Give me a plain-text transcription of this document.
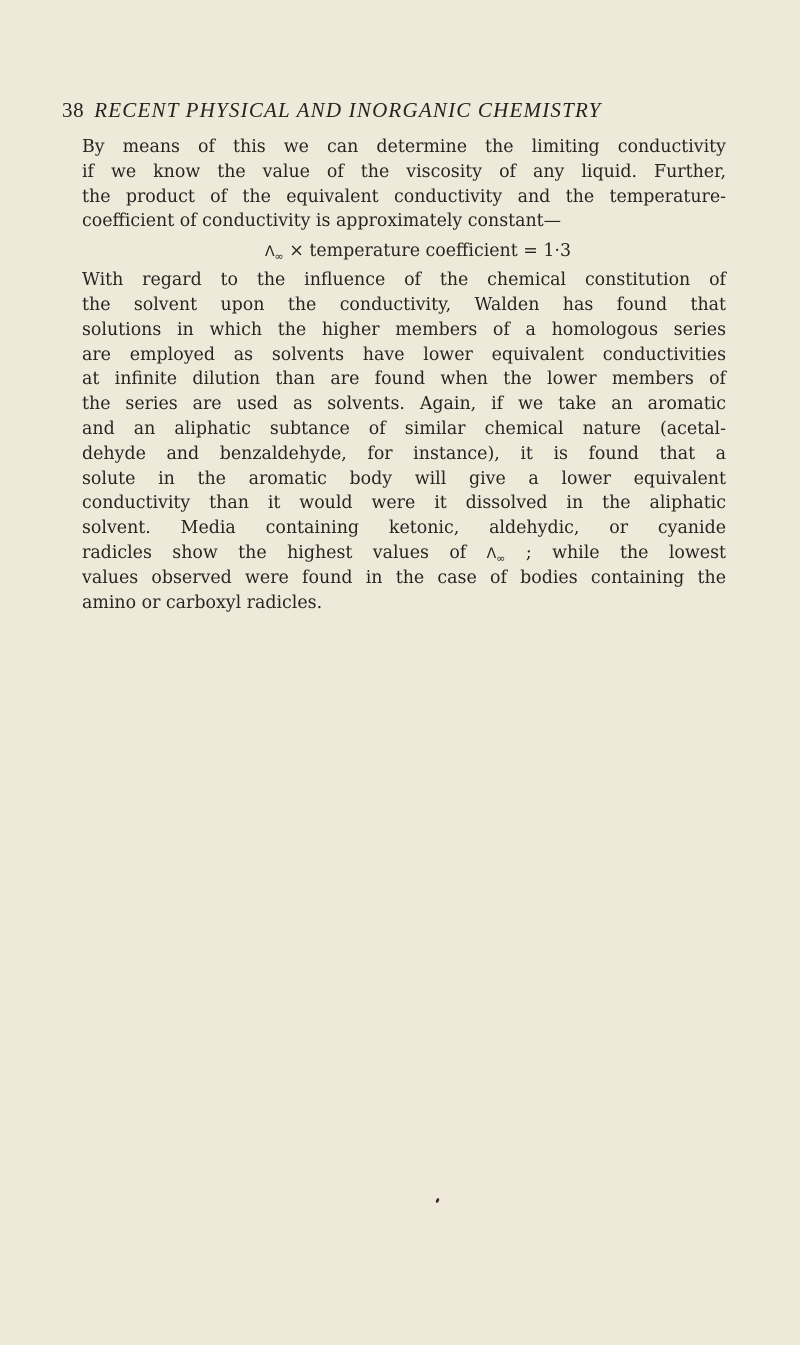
38 RECENT PHYSICAL AND INORGANIC CHEMISTRY
By means of this we can determine the limiting conductivity
if we know the value of the viscosity of any liquid. Further,
the product of the equivalent conductivity and the temperature-
coefficient of conductivity is approximately constant—
$\Lambda_\infty$ × temperature coefficient = 1·3
With regard to the influence of the chemical constitution of
the solvent upon the conductivity, Walden has found that
solutions in which the higher members of a homologous series
are employed as solvents have lower equivalent conductivities
at infinite dilution than are found when the lower members of
the series are used as solvents. Again, if we take an aromatic
and an aliphatic subtance of similar chemical nature (acetal-
dehyde and benzaldehyde, for instance), it is found that a
solute in the aromatic body will give a lower equivalent
conductivity than it would were it dissolved in the aliphatic
solvent. Media containing ketonic, aldehydic, or cyanide
radicles show the highest values of $\Lambda_\infty$ ; while the lowest
values observed were found in the case of bodies containing the
amino or carboxyl radicles.
